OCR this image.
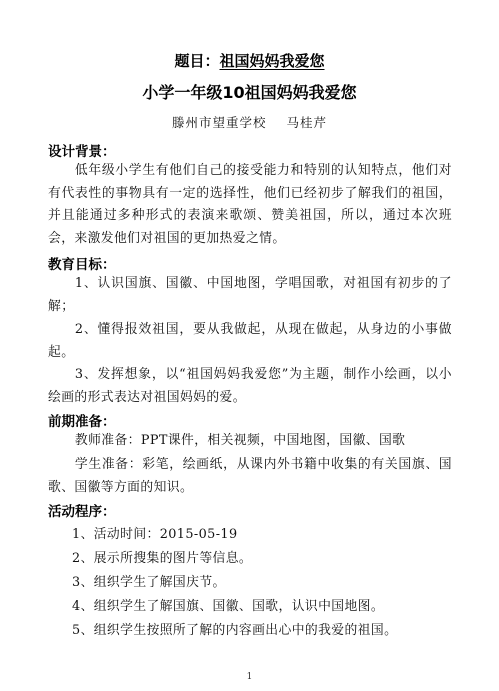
题目：祖国妈妈我爱您
小学一年级10祖国妈妈我爱您
滕州市望重学校 马桂芹
设计背景：
低年级小学生有他们自己的接受能力和特别的认知特点，他们对有代表性的事物具有一定的选择性，他们已经初步了解我们的祖国，并且能通过多种形式的表演来歌颂、赞美祖国，所以，通过本次班会，来激发他们对祖国的更加热爱之情。
教育目标：
1、认识国旗、国徽、中国地图，学唱国歌，对祖国有初步的了解；
2、懂得报效祖国，要从我做起，从现在做起，从身边的小事做起。
3、发挥想象，以“祖国妈妈我爱您”为主题，制作小绘画，以小绘画的形式表达对祖国妈妈的爱。
前期准备：
教师准备：PPT课件，相关视频，中国地图，国徽、国歌
学生准备：彩笔，绘画纸，从课内外书籍中收集的有关国旗、国歌、国徽等方面的知识。
活动程序：
1、活动时间：2015-05-19
2、展示所搜集的图片等信息。
3、组织学生了解国庆节。
4、组织学生了解国旗、国徽、国歌，认识中国地图。
5、组织学生按照所了解的内容画出心中的我爱的祖国。
1
